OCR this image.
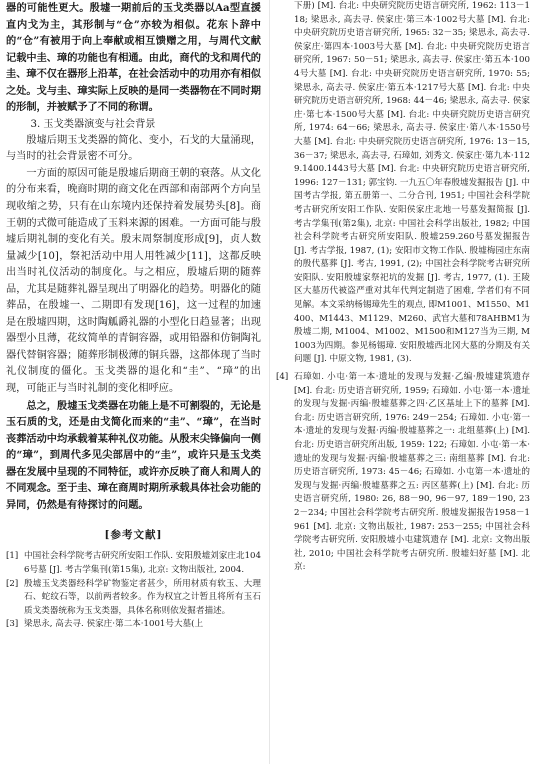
器的可能性更大。殷墟一期前后的玉戈类器以Aa型直援直内戈为主，其形制与“仓”亦较为相似。花东卜辞中的“仓”有被用于向上奉献或相互馈赠之用，与周代文献记载中圭、璋的功能也有相通。由此，商代的戈和周代的圭、璋不仅在器形上沿革，在社会活动中的功用亦有相似之处。戈与圭、璋实际上反映的是同一类器物在不同时期的形制，并被赋予了不同的称谓。
3. 玉戈类器演变与社会背景
殷墟后期玉戈类器的简化、变小，石戈的大量涌现，与当时的社会背景密不可分。
一方面的原因可能是殷墟后期商王朝的衰落。从文化的分布来看，晚商时期的商文化在西部和南部两个方向呈现收缩之势，只有在山东境内还保持着发展势头[8]。商王朝的式微可能造成了玉料来源的困难。一方面可能与殷墟后期礼制的变化有关。殷末周祭制度形成[9]，贞人数量减少[10]，祭祀活动中用人用牲减少[11]，这都反映出当时礼仪活动的制度化。与之相应，殷墟后期的随葬品，尤其是随葬礼器呈现出了明器化的趋势。明器化的随葬品，在殷墟一、二期即有发现[16]，这一过程的加速是在殷墟四期，这时陶觚爵礼器的小型化日趋显著；出现器型小且薄，花纹简单的青铜容器，或用铅器和仿铜陶礼器代替铜容器；随葬形制极薄的铜兵器，这都体现了当时礼仪制度的僵化。玉戈类器的退化和“圭”、“璋”的出现，可能正与当时礼制的变化相呼应。
总之，殷墟玉戈类器在功能上是不可割裂的，无论是玉石质的戈，还是由戈简化而来的“圭”、“璋”，在当时丧葬活动中均承载着某种礼仪功能。从殷末尖锋偏向一侧的“璋”，到周代多见尖部居中的“圭”，或许只是玉戈类器在发展中呈现的不同特征，或许亦反映了商人和周人的不同观念。至于圭、璋在商周时期所承载具体社会功能的异同，仍然是有待探讨的问题。
[参考文献]
[1] 中国社会科学院考古研究所安阳工作队. 安阳殷墟刘家庄北1046号墓 [J]. 考古学集刊(第15集), 北京: 文物出版社, 2004.
[2] 殷墟玉戈类器经科学矿物鉴定者甚少，所用材质有软玉、大理石、蛇纹石等，以前两者较多。作为权宜之计暂且将所有玉石质戈类器统称为玉戈类器，具体名称则依发掘者描述。
[3] 梁思永, 高去寻. 侯家庄·第二本·1001号大墓(上
下册) [M]. 台北: 中央研究院历史语言研究所, 1962: 113－118; 梁思永, 高去寻. 侯家庄·第三本·1002号大墓 [M]. 台北: 中央研究院历史语言研究所, 1965: 32－35; 梁思永, 高去寻. 侯家庄·第四本·1003号大墓 [M]. 台北: 中央研究院历史语言研究所, 1967: 50－51; 梁思永, 高去寻. 侯家庄·第五本·1004号大墓 [M]. 台北: 中央研究院历史语言研究所, 1970: 55; 梁思永, 高去寻. 侯家庄·第五本·1217号大墓 [M]. 台北: 中央研究院历史语言研究所, 1968: 44－46; 梁思永, 高去寻. 侯家庄·第七本·1500号大墓 [M]. 台北: 中央研究院历史语言研究所, 1974: 64－66; 梁思永, 高去寻. 侯家庄·第八本·1550号大墓 [M]. 台北: 中央研究院历史语言研究所, 1976: 13－15, 36－37; 梁思永, 高去寻, 石璋如, 刘秀文. 侯家庄·第九本·1129.1400.1443号大墓 [M]. 台北: 中央研究院历史语言研究所, 1996: 127－131; 郭宝钧. 一九五〇年春殷墟发掘报告 [J]. 中国考古学报, 第五册第一、二分合刊, 1951; 中国社会科学院考古研究所安阳工作队. 安阳侯家庄北地一号墓发掘简报 [J]. 考古学集刊(第2集), 北京: 中国社会科学出版社, 1982; 中国社会科学院考古研究所安阳队. 殷墟259.260号墓发掘报告 [J]. 考古学报, 1987, (1); 安阳市文物工作队. 殷墟梅园庄东南的殷代墓葬 [J]. 考古, 1991, (2); 中国社会科学院考古研究所安阳队. 安阳殷墟家祭祀坑的发掘 [J]. 考古, 1977, (1). 王陵区大墓历代被盗严重对其年代判定制造了困难, 学者们有不同见解。本文采纳杨锡璋先生的观点, 即M1001、M1550、M1400、M1443、M1129、M260、武官大墓和78AHBM1为殷墟二期, M1004、M1002、M1500和M127当为三期, M1003为四期。参见杨锡璋. 安阳殷墟西北冈大墓的分期及有关问题 [J]. 中原文物, 1981, (3).
[4] 石璋如. 小屯·第一本·遗址的发现与发掘·乙编·殷墟建筑遗存 [M]. 台北: 历史语言研究所, 1959; 石璋如. 小屯·第一本·遗址的发现与发掘·丙编·殷墟墓葬之四·乙区基址上下的墓葬 [M]. 台北: 历史语言研究所, 1976: 249－254; 石璋如. 小屯·第一本·遗址的发现与发掘·丙编·殷墟墓葬之一: 北组墓葬(上) [M]. 台北: 历史语言研究所出版, 1959: 122; 石璋如. 小屯·第一本·遗址的发现与发掘·丙编·殷墟墓葬之三: 南组墓葬 [M]. 台北: 历史语言研究所, 1973: 45－46; 石璋如. 小屯第一本·遗址的发现与发掘·丙编·殷墟墓葬之五: 丙区墓葬(上) [M]. 台北: 历史语言研究所, 1980: 26, 88－90, 96－97, 189－190, 232－234; 中国社会科学院考古研究所. 殷墟发掘报告1958－1961 [M]. 北京: 文物出版社, 1987: 253－255; 中国社会科学院考古研究所. 安阳殷墟小屯建筑遗存 [M]. 北京: 文物出版社, 2010; 中国社会科学院考古研究所. 殷墟妇好墓 [M]. 北京:
